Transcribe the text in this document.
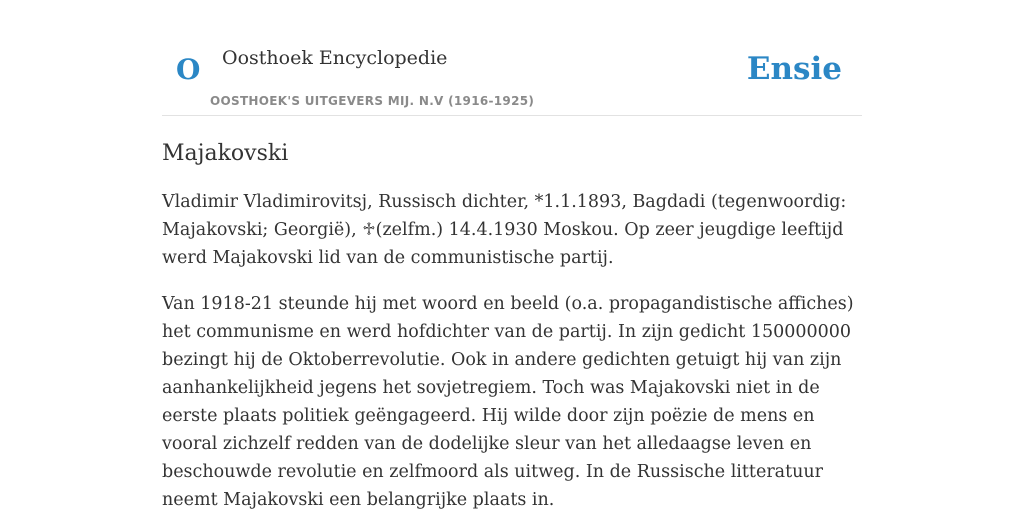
O Oosthoek Encyclopedie
OOSTHOEK'S UITGEVERS MIJ. N.V (1916-1925)
Ensie
Majakovski

Vladimir Vladimirovitsj, Russisch dichter, *1.1.1893, Bagdadi (tegenwoordig: Majakovski; Georgië), ♱(zelfm.) 14.4.1930 Moskou. Op zeer jeugdige leeftijd werd Majakovski lid van de communistische partij.

Van 1918-21 steunde hij met woord en beeld (o.a. propagandistische affiches) het communisme en werd hofdichter van de partij. In zijn gedicht 150000000 bezingt hij de Oktoberrevolutie. Ook in andere gedichten getuigt hij van zijn aanhankelijkheid jegens het sovjetregiem. Toch was Majakovski niet in de eerste plaats politiek geëngageerd. Hij wilde door zijn poëzie de mens en vooral zichzelf redden van de dodelijke sleur van het alledaagse leven en beschouwde revolutie en zelfmoord als uitweg. In de Russische litteratuur neemt Majakovski een belangrijke plaats in.
